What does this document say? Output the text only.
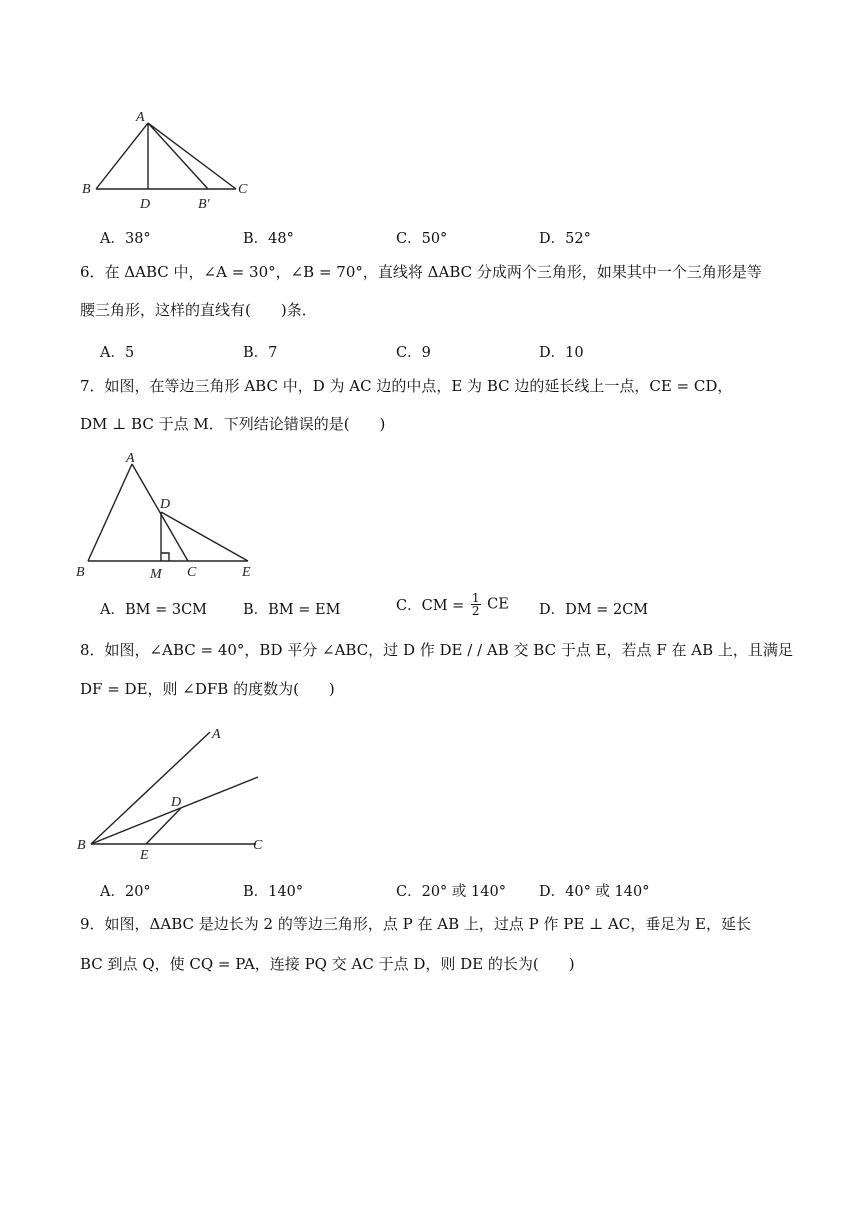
A
B	C
D	B′
A．38°	B．48°	C．50°	D．52°
6．在 ΔABC 中，∠A = 30°，∠B = 70°，直线将 ΔABC 分成两个三角形，如果其中一个三角形是等
腰三角形，这样的直线有(　　)条．
A．5	B．7	C．9	D．10
7．如图，在等边三角形 ABC 中，D 为 AC 边的中点，E 为 BC 边的延长线上一点，CE = CD，
DM ⊥ BC 于点 M．下列结论错误的是(　　)
A
D
B	M C	E
A．BM = 3CM B．BM = EM	C．CM = $\frac{1}{2}$ CE D．DM = 2CM
8．如图，∠ABC = 40°，BD 平分 ∠ABC，过 D 作 DE / / AB 交 BC 于点 E，若点 F 在 AB 上，且满足
DF = DE，则 ∠DFB 的度数为(　　)
A
D
B
E
C
A．20°	B．140°	C．20° 或 140° D．40° 或 140°
9．如图，ΔABC 是边长为 2 的等边三角形，点 P 在 AB 上，过点 P 作 PE ⊥ AC，垂足为 E，延长
BC 到点 Q，使 CQ = PA，连接 PQ 交 AC 于点 D，则 DE 的长为(　　)
